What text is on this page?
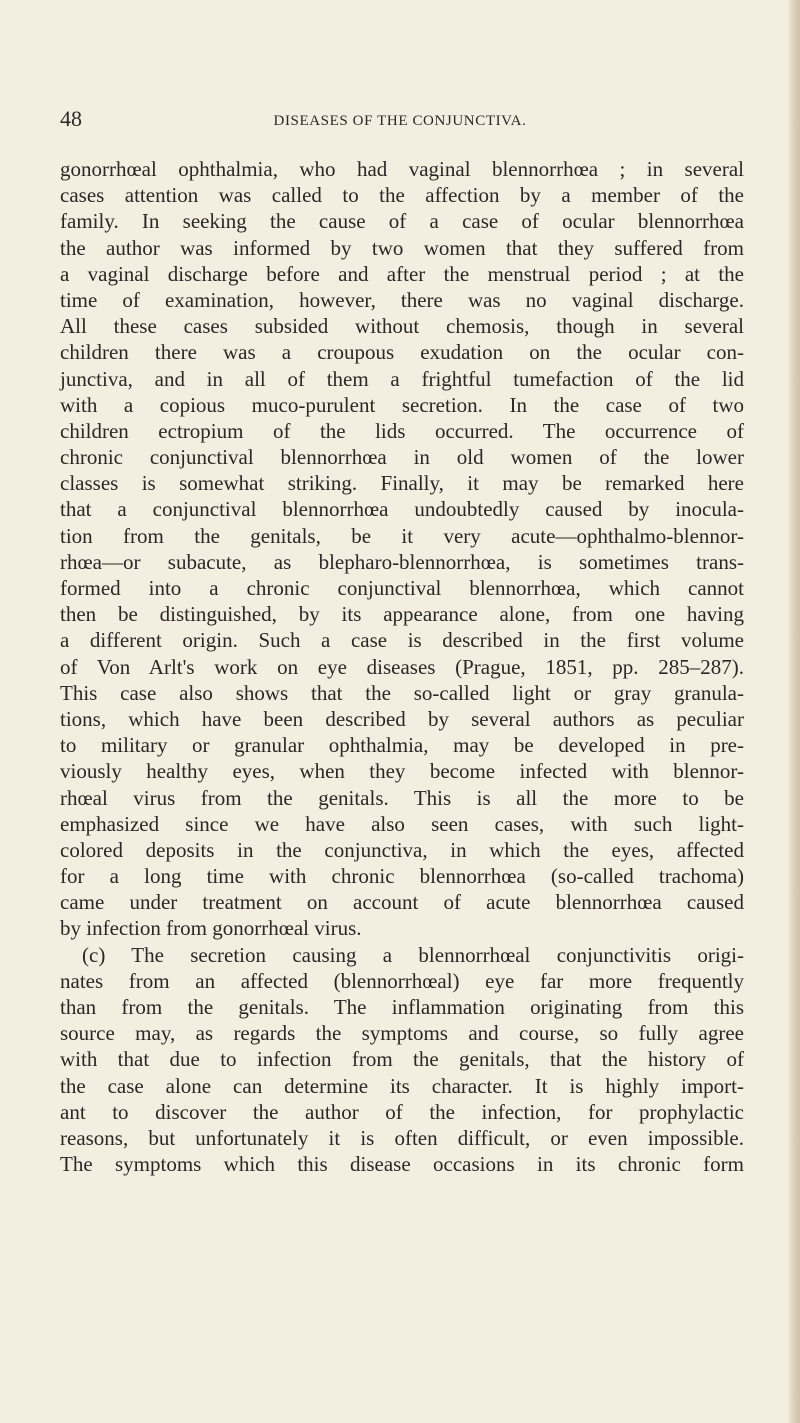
48	DISEASES OF THE CONJUNCTIVA.
gonorrhœal ophthalmia, who had vaginal blennorrhœa ; in several
cases attention was called to the affection by a member of the
family. In seeking the cause of a case of ocular blennorrhœa
the author was informed by two women that they suffered from
a vaginal discharge before and after the menstrual period ; at the
time of examination, however, there was no vaginal discharge.
All these cases subsided without chemosis, though in several
children there was a croupous exudation on the ocular con-
junctiva, and in all of them a frightful tumefaction of the lid
with a copious muco-purulent secretion. In the case of two
children ectropium of the lids occurred. The occurrence of
chronic conjunctival blennorrhœa in old women of the lower
classes is somewhat striking. Finally, it may be remarked here
that a conjunctival blennorrhœa undoubtedly caused by inocula-
tion from the genitals, be it very acute—ophthalmo-blennor-
rhœa—or subacute, as blepharo-blennorrhœa, is sometimes trans-
formed into a chronic conjunctival blennorrhœa, which cannot
then be distinguished, by its appearance alone, from one having
a different origin. Such a case is described in the first volume
of Von Arlt's work on eye diseases (Prague, 1851, pp. 285–287).
This case also shows that the so-called light or gray granula-
tions, which have been described by several authors as peculiar
to military or granular ophthalmia, may be developed in pre-
viously healthy eyes, when they become infected with blennor-
rhœal virus from the genitals. This is all the more to be
emphasized since we have also seen cases, with such light-
colored deposits in the conjunctiva, in which the eyes, affected
for a long time with chronic blennorrhœa (so-called trachoma)
came under treatment on account of acute blennorrhœa caused
by infection from gonorrhœal virus.
(c) The secretion causing a blennorrhœal conjunctivitis origi-
nates from an affected (blennorrhœal) eye far more frequently
than from the genitals. The inflammation originating from this
source may, as regards the symptoms and course, so fully agree
with that due to infection from the genitals, that the history of
the case alone can determine its character. It is highly import-
ant to discover the author of the infection, for prophylactic
reasons, but unfortunately it is often difficult, or even impossible.
The symptoms which this disease occasions in its chronic form
